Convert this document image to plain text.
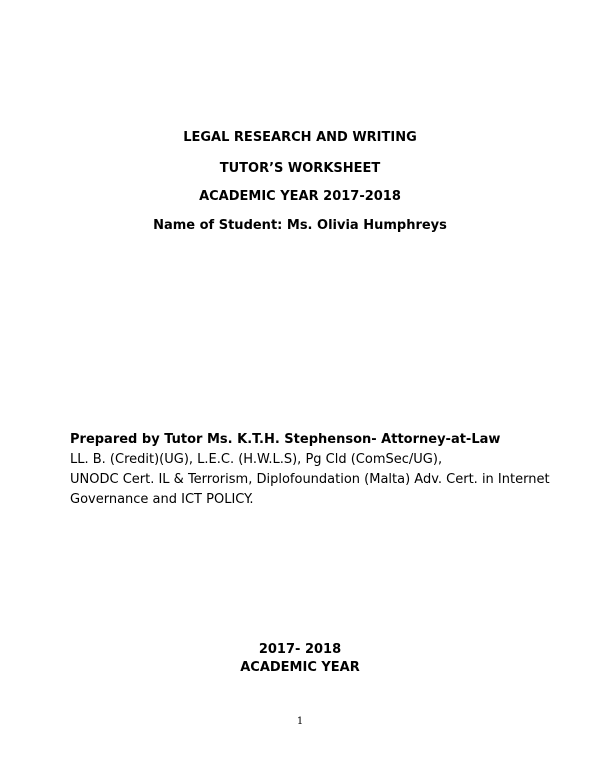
LEGAL RESEARCH AND WRITING
TUTOR’S WORKSHEET
ACADEMIC YEAR 2017-2018
Name of Student: Ms. Olivia Humphreys
Prepared by Tutor Ms. K.T.H. Stephenson- Attorney-at-Law
LL. B. (Credit)(UG), L.E.C. (H.W.L.S), Pg Cld (ComSec/UG),
UNODC Cert. IL & Terrorism, Diplofoundation (Malta) Adv. Cert. in Internet
Governance and ICT POLICY.
2017- 2018
ACADEMIC YEAR
1
